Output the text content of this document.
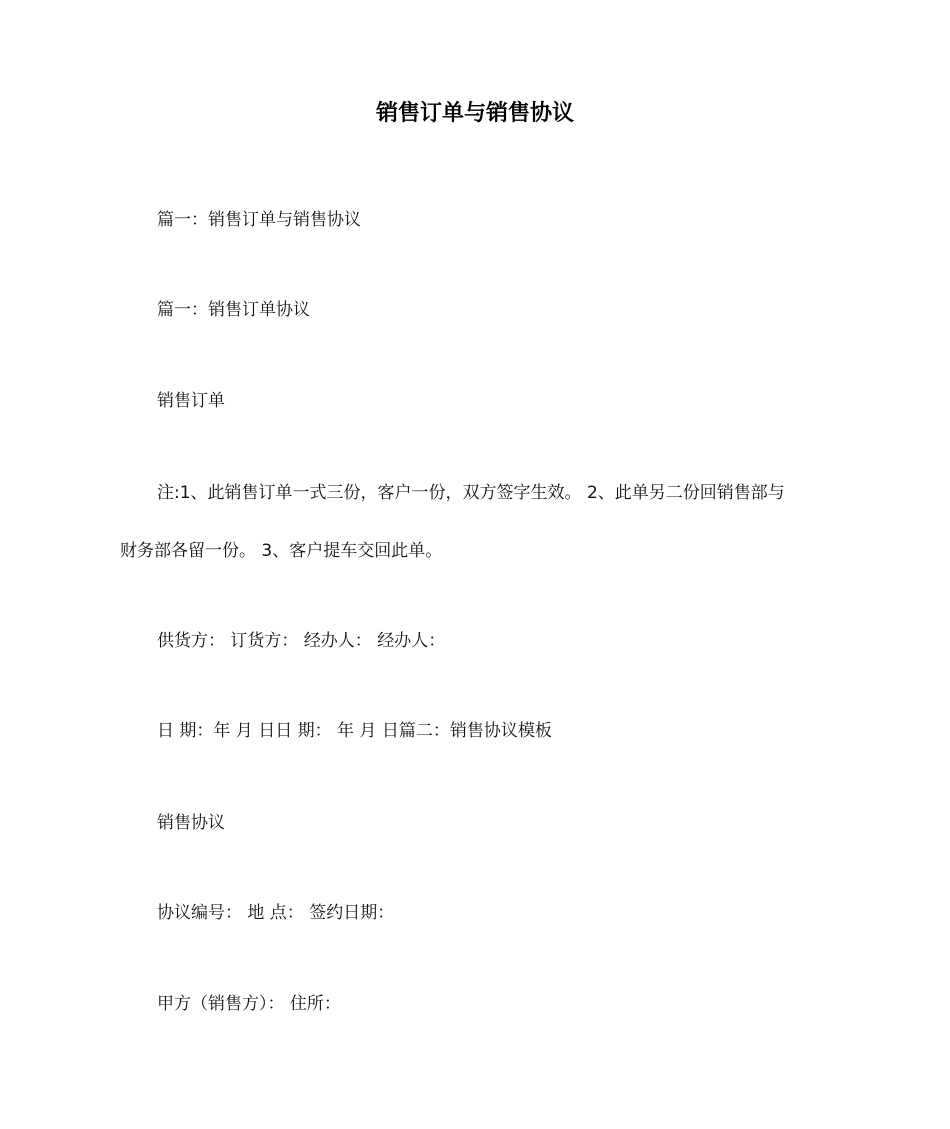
销售订单与销售协议
篇一：销售订单与销售协议
篇一：销售订单协议
销售订单
注:1、此销售订单一式三份，客户一份，双方签字生效。 2、此单另二份回销售部与
财务部各留一份。 3、客户提车交回此单。
供货方： 订货方： 经办人： 经办人：
日 期：年 月 日日 期： 年 月 日篇二：销售协议模板
销售协议
协议编号： 地 点： 签约日期：
甲方（销售方）： 住所：
